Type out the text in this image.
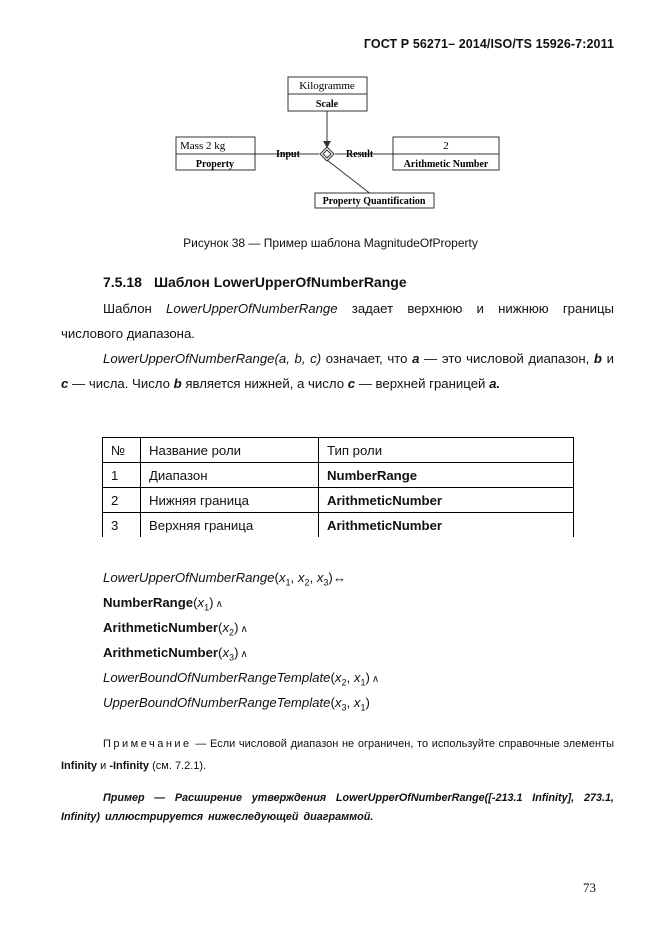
ГОСТ Р 56271– 2014/ISO/TS 15926-7:2011
Kilogramme
Scale
Mass 2 kg
Property
2
Arithmetic Number
Input	Result
Property Quantification
Рисунок 38 — Пример шаблона MagnitudeOfProperty
7.5.18 Шаблон LowerUpperOfNumberRange
Шаблон LowerUpperOfNumberRange задает верхнюю и нижнюю границы числового диапазона.
LowerUpperOfNumberRange(a, b, c) означает, что a — это числовой диапазон, b и c — числа. Число b является нижней, а число c — верхней границей a.
№	Название роли	Тип роли
1	Диапазон	NumberRange
2	Нижняя граница	ArithmeticNumber
3	Верхняя граница	ArithmeticNumber
$LowerUpperOfNumberRange(x_1$, $x_2$, $x_3)\leftrightarrow$
$NumberRange(x_1)$ ∧
$ArithmeticNumber(x_2)$ ∧
$ArithmeticNumber(x_3)$ ∧
$LowerBoundOfNumberRangeTemplate(x_2$, $x_1$) ∧
$UpperBoundOfNumberRangeTemplate(x_3$, $x_1$)
Примечание — Если числовой диапазон не ограничен, то используйте справочные элементы Infinity и -Infinity (см. 7.2.1).
Пример — Расширение утверждения LowerUpperOfNumberRange([-213.1 Infinity], 273.1, Infinity) иллюстрируется нижеследующей диаграммой.
73
